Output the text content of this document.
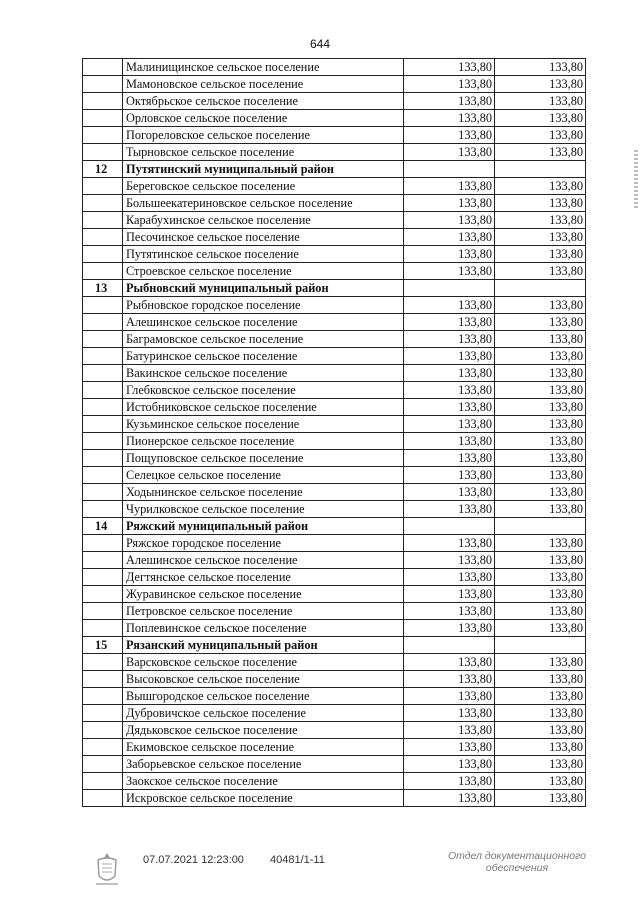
644
	Малинищинское сельское поселение	133,80	133,80
	Мамоновское сельское поселение	133,80	133,80
	Октябрьское сельское поселение	133,80	133,80
	Орловское сельское поселение	133,80	133,80
	Погореловское сельское поселение	133,80	133,80
	Тырновское сельское поселение	133,80	133,80
12	Путятинский муниципальный район		
	Береговское сельское поселение	133,80	133,80
	Большеекатериновское сельское поселение	133,80	133,80
	Карабухинское сельское поселение	133,80	133,80
	Песочинское сельское поселение	133,80	133,80
	Путятинское сельское поселение	133,80	133,80
	Строевское сельское поселение	133,80	133,80
13	Рыбновский муниципальный район		
	Рыбновское городское поселение	133,80	133,80
	Алешинское сельское поселение	133,80	133,80
	Баграмовское сельское поселение	133,80	133,80
	Батуринское сельское поселение	133,80	133,80
	Вакинское сельское поселение	133,80	133,80
	Глебковское сельское поселение	133,80	133,80
	Истобниковское сельское поселение	133,80	133,80
	Кузьминское сельское поселение	133,80	133,80
	Пионерское сельское поселение	133,80	133,80
	Пощуповское сельское поселение	133,80	133,80
	Селецкое сельское поселение	133,80	133,80
	Ходынинское сельское поселение	133,80	133,80
	Чурилковское сельское поселение	133,80	133,80
14	Ряжский муниципальный район		
	Ряжское городское поселение	133,80	133,80
	Алешинское сельское поселение	133,80	133,80
	Дегтянское сельское поселение	133,80	133,80
	Журавинское сельское поселение	133,80	133,80
	Петровское сельское поселение	133,80	133,80
	Поплевинское сельское поселение	133,80	133,80
15	Рязанский муниципальный район		
	Варсковское сельское поселение	133,80	133,80
	Высоковское сельское поселение	133,80	133,80
	Вышгородское сельское поселение	133,80	133,80
	Дубровичское сельское поселение	133,80	133,80
	Дядьковское сельское поселение	133,80	133,80
	Екимовское сельское поселение	133,80	133,80
	Заборьевское сельское поселение	133,80	133,80
	Заокское сельское поселение	133,80	133,80
	Искровское сельское поселение	133,80	133,80
07.07.2021 12:23:00 40481/1-11	Отдел документационного
обеспечения
